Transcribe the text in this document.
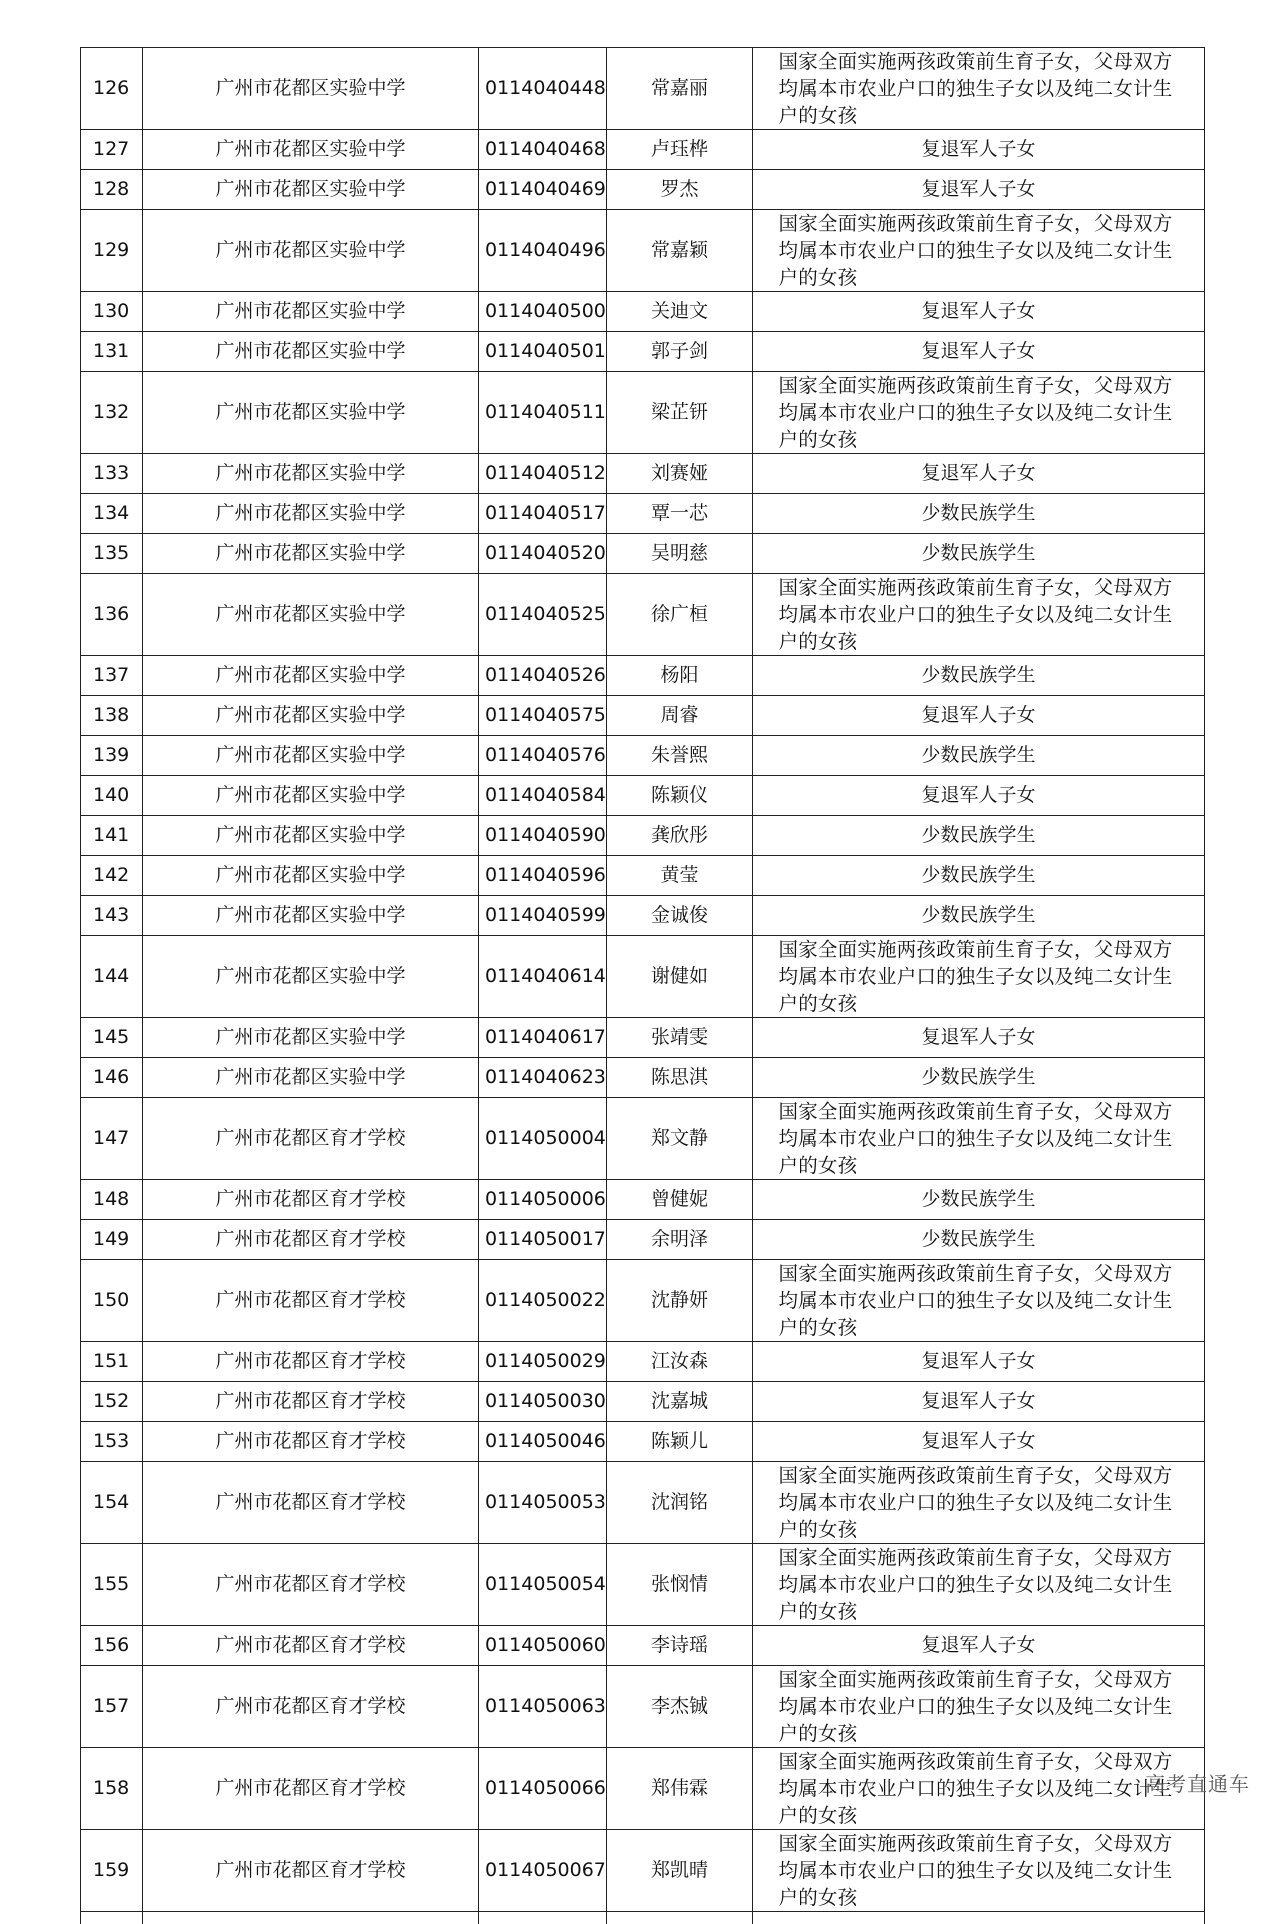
126	广州市花都区实验中学	0114040448	常嘉丽	国家全面实施两孩政策前生育子女，父母双方均属本市农业户口的独生子女以及纯二女计生户的女孩
127	广州市花都区实验中学	0114040468	卢珏桦	复退军人子女
128	广州市花都区实验中学	0114040469	罗杰	复退军人子女
129	广州市花都区实验中学	0114040496	常嘉颖	国家全面实施两孩政策前生育子女，父母双方均属本市农业户口的独生子女以及纯二女计生户的女孩
130	广州市花都区实验中学	0114040500	关迪文	复退军人子女
131	广州市花都区实验中学	0114040501	郭子剑	复退军人子女
132	广州市花都区实验中学	0114040511	梁芷钘	国家全面实施两孩政策前生育子女，父母双方均属本市农业户口的独生子女以及纯二女计生户的女孩
133	广州市花都区实验中学	0114040512	刘赛娅	复退军人子女
134	广州市花都区实验中学	0114040517	覃一芯	少数民族学生
135	广州市花都区实验中学	0114040520	吴明慈	少数民族学生
136	广州市花都区实验中学	0114040525	徐广桓	国家全面实施两孩政策前生育子女，父母双方均属本市农业户口的独生子女以及纯二女计生户的女孩
137	广州市花都区实验中学	0114040526	杨阳	少数民族学生
138	广州市花都区实验中学	0114040575	周睿	复退军人子女
139	广州市花都区实验中学	0114040576	朱誉熙	少数民族学生
140	广州市花都区实验中学	0114040584	陈颖仪	复退军人子女
141	广州市花都区实验中学	0114040590	龚欣彤	少数民族学生
142	广州市花都区实验中学	0114040596	黄莹	少数民族学生
143	广州市花都区实验中学	0114040599	金诚俊	少数民族学生
144	广州市花都区实验中学	0114040614	谢健如	国家全面实施两孩政策前生育子女，父母双方均属本市农业户口的独生子女以及纯二女计生户的女孩
145	广州市花都区实验中学	0114040617	张靖雯	复退军人子女
146	广州市花都区实验中学	0114040623	陈思淇	少数民族学生
147	广州市花都区育才学校	0114050004	郑文静	国家全面实施两孩政策前生育子女，父母双方均属本市农业户口的独生子女以及纯二女计生户的女孩
148	广州市花都区育才学校	0114050006	曾健妮	少数民族学生
149	广州市花都区育才学校	0114050017	余明泽	少数民族学生
150	广州市花都区育才学校	0114050022	沈静妍	国家全面实施两孩政策前生育子女，父母双方均属本市农业户口的独生子女以及纯二女计生户的女孩
151	广州市花都区育才学校	0114050029	江汝森	复退军人子女
152	广州市花都区育才学校	0114050030	沈嘉城	复退军人子女
153	广州市花都区育才学校	0114050046	陈颖儿	复退军人子女
154	广州市花都区育才学校	0114050053	沈润铭	国家全面实施两孩政策前生育子女，父母双方均属本市农业户口的独生子女以及纯二女计生户的女孩
155	广州市花都区育才学校	0114050054	张悯情	国家全面实施两孩政策前生育子女，父母双方均属本市农业户口的独生子女以及纯二女计生户的女孩
156	广州市花都区育才学校	0114050060	李诗瑶	复退军人子女
157	广州市花都区育才学校	0114050063	李杰铖	国家全面实施两孩政策前生育子女，父母双方均属本市农业户口的独生子女以及纯二女计生户的女孩
158	广州市花都区育才学校	0114050066	郑伟霖	国家全面实施两孩政策前生育子女，父母双方均属本市农业户口的独生子女以及纯二女计生户的女孩
159	广州市花都区育才学校	0114050067	郑凯晴	国家全面实施两孩政策前生育子女，父母双方均属本市农业户口的独生子女以及纯二女计生户的女孩

高考直通车
